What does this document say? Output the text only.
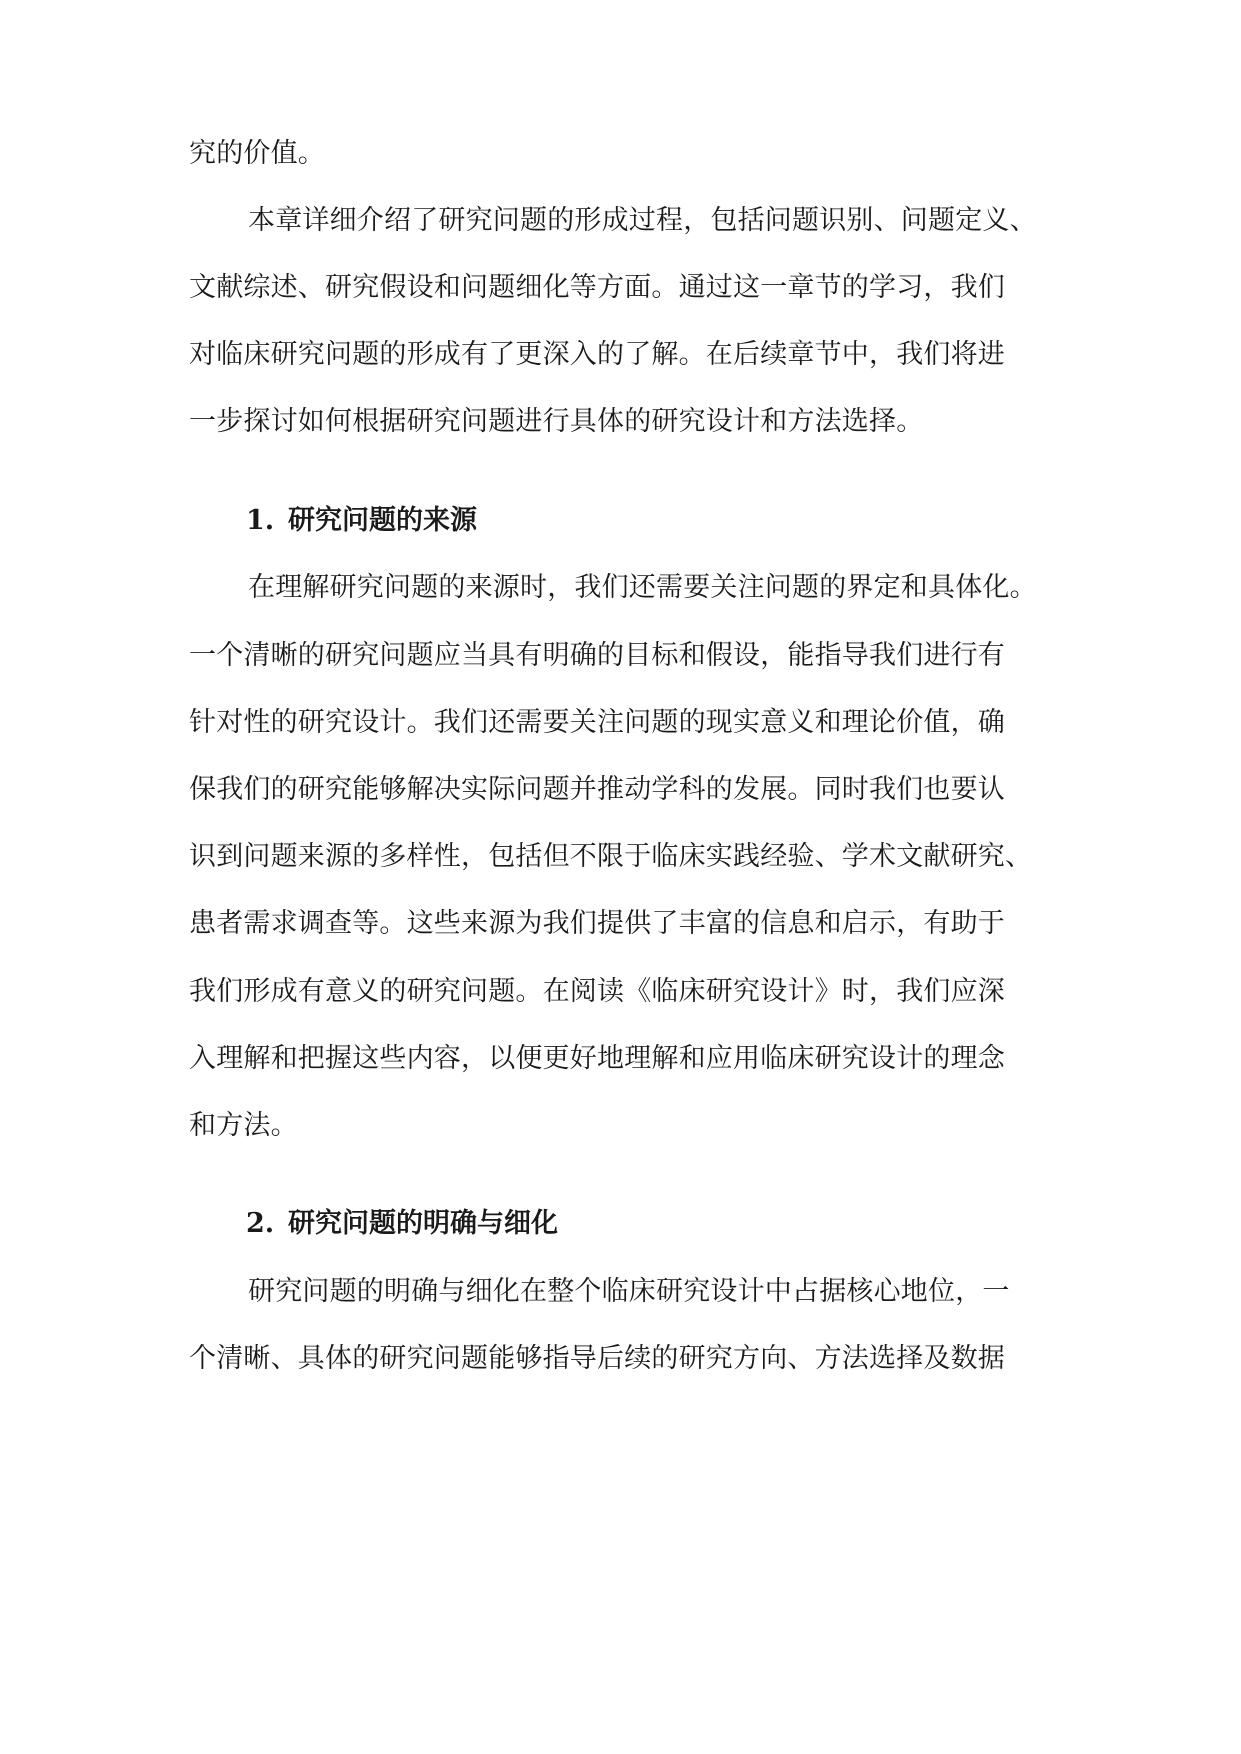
究的价值。
本章详细介绍了研究问题的形成过程，包括问题识别、问题定义、
文献综述、研究假设和问题细化等方面。通过这一章节的学习，我们
对临床研究问题的形成有了更深入的了解。在后续章节中，我们将进
一步探讨如何根据研究问题进行具体的研究设计和方法选择。
1. 研究问题的来源
在理解研究问题的来源时，我们还需要关注问题的界定和具体化。
一个清晰的研究问题应当具有明确的目标和假设，能指导我们进行有
针对性的研究设计。我们还需要关注问题的现实意义和理论价值，确
保我们的研究能够解决实际问题并推动学科的发展。同时我们也要认
识到问题来源的多样性，包括但不限于临床实践经验、学术文献研究、
患者需求调查等。这些来源为我们提供了丰富的信息和启示，有助于
我们形成有意义的研究问题。在阅读《临床研究设计》时，我们应深
入理解和把握这些内容，以便更好地理解和应用临床研究设计的理念
和方法。
2. 研究问题的明确与细化
研究问题的明确与细化在整个临床研究设计中占据核心地位，一
个清晰、具体的研究问题能够指导后续的研究方向、方法选择及数据
